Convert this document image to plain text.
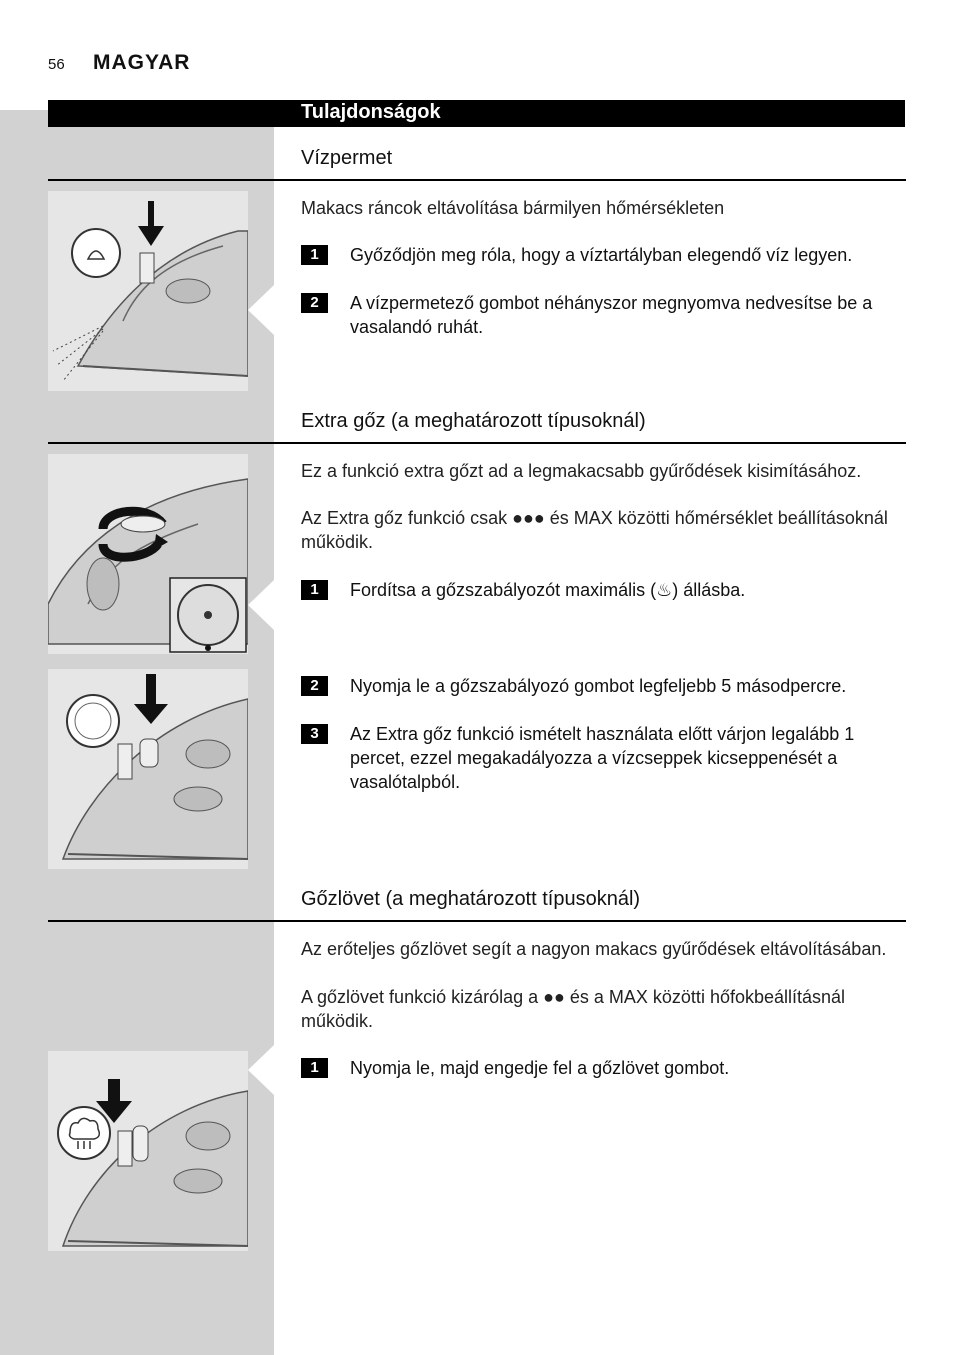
56 MAGYAR
Tulajdonságok
Vízpermet
Makacs ráncok eltávolítása bármilyen hőmérsékleten
1	Győződjön meg róla, hogy a víztartályban elegendő víz legyen.
2	A vízpermetező gombot néhányszor megnyomva nedvesítse be a vasalandó ruhát.
Extra gőz (a meghatározott típusoknál)
Ez a funkció extra gőzt ad a legmakacsabb gyűrődések kisimításához.
Az Extra gőz funkció csak ●●● és MAX közötti hőmérséklet beállításoknál működik.
1	Fordítsa a gőzszabályozót maximális (♨) állásba.
2	Nyomja le a gőzszabályozó gombot legfeljebb 5 másodpercre.
3	Az Extra gőz funkció ismételt használata előtt várjon legalább 1 percet, ezzel megakadályozza a vízcseppek kicseppenését a vasalótalpból.
Gőzlövet (a meghatározott típusoknál)
Az erőteljes gőzlövet segít a nagyon makacs gyűrődések eltávolításában.
A gőzlövet funkció kizárólag a ●● és a MAX közötti hőfokbeállításnál működik.
1	Nyomja le, majd engedje fel a gőzlövet gombot.
